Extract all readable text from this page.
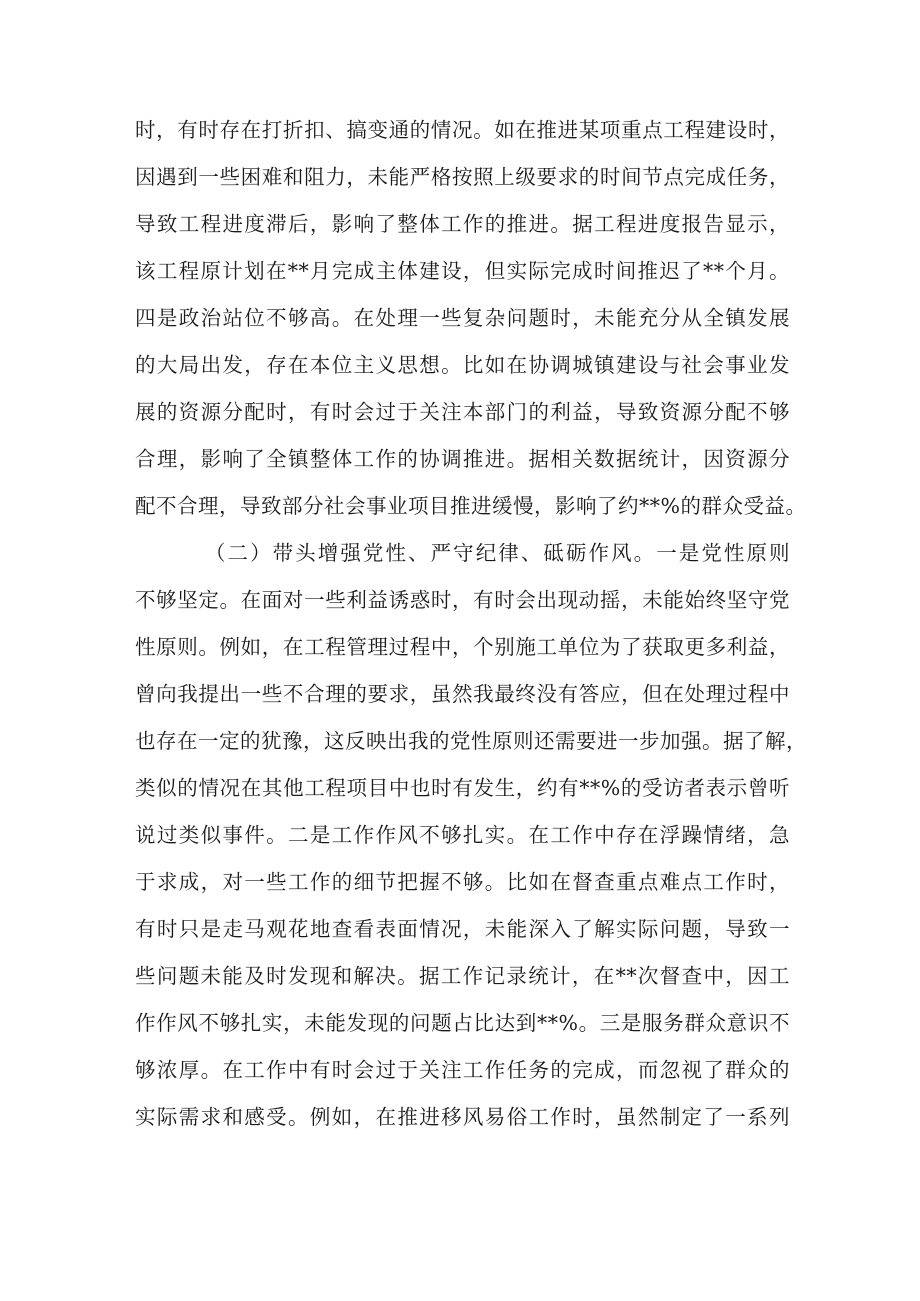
时，有时存在打折扣、搞变通的情况。如在推进某项重点工程建设时，
因遇到一些困难和阻力，未能严格按照上级要求的时间节点完成任务，
导致工程进度滞后，影响了整体工作的推进。据工程进度报告显示，
该工程原计划在**月完成主体建设，但实际完成时间推迟了**个月。
四是政治站位不够高。在处理一些复杂问题时，未能充分从全镇发展
的大局出发，存在本位主义思想。比如在协调城镇建设与社会事业发
展的资源分配时，有时会过于关注本部门的利益，导致资源分配不够
合理，影响了全镇整体工作的协调推进。据相关数据统计，因资源分
配不合理，导致部分社会事业项目推进缓慢，影响了约**%的群众受益。
（二）带头增强党性、严守纪律、砥砺作风。一是党性原则
不够坚定。在面对一些利益诱惑时，有时会出现动摇，未能始终坚守党
性原则。例如，在工程管理过程中，个别施工单位为了获取更多利益，
曾向我提出一些不合理的要求，虽然我最终没有答应，但在处理过程中
也存在一定的犹豫，这反映出我的党性原则还需要进一步加强。据了解，
类似的情况在其他工程项目中也时有发生，约有**%的受访者表示曾听
说过类似事件。二是工作作风不够扎实。在工作中存在浮躁情绪，急
于求成，对一些工作的细节把握不够。比如在督查重点难点工作时，
有时只是走马观花地查看表面情况，未能深入了解实际问题，导致一
些问题未能及时发现和解决。据工作记录统计，在**次督查中，因工
作作风不够扎实，未能发现的问题占比达到**%。三是服务群众意识不
够浓厚。在工作中有时会过于关注工作任务的完成，而忽视了群众的
实际需求和感受。例如，在推进移风易俗工作时，虽然制定了一系列
